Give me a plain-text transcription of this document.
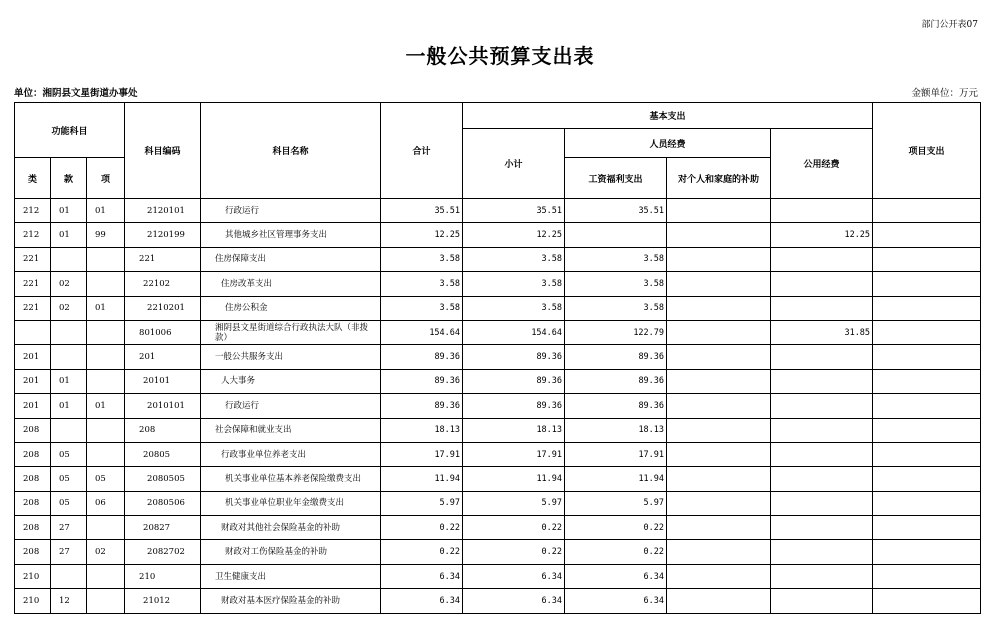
部门公开表07
一般公共预算支出表
单位：湘阴县文星街道办事处	金额单位：万元
功能科目			科目编码	科目名称	合计	基本支出				项目支出
						小计	人员经费		公用经费	
类	款	项					工资福利支出	对个人和家庭的补助		
212	01	01	2120101	行政运行	35.51	35.51	35.51			
212	01	99	2120199	其他城乡社区管理事务支出	12.25	12.25			12.25	
221			221	住房保障支出	3.58	3.58	3.58			
221	02		22102	住房改革支出	3.58	3.58	3.58			
221	02	01	2210201	住房公积金	3.58	3.58	3.58			
			801006	湘阴县文星街道综合行政执法大队（非拨款）	154.64	154.64	122.79		31.85	
201			201	一般公共服务支出	89.36	89.36	89.36			
201	01		20101	人大事务	89.36	89.36	89.36			
201	01	01	2010101	行政运行	89.36	89.36	89.36			
208			208	社会保障和就业支出	18.13	18.13	18.13			
208	05		20805	行政事业单位养老支出	17.91	17.91	17.91			
208	05	05	2080505	机关事业单位基本养老保险缴费支出	11.94	11.94	11.94			
208	05	06	2080506	机关事业单位职业年金缴费支出	5.97	5.97	5.97			
208	27		20827	财政对其他社会保险基金的补助	0.22	0.22	0.22			
208	27	02	2082702	财政对工伤保险基金的补助	0.22	0.22	0.22			
210			210	卫生健康支出	6.34	6.34	6.34			
210	12		21012	财政对基本医疗保险基金的补助	6.34	6.34	6.34			
